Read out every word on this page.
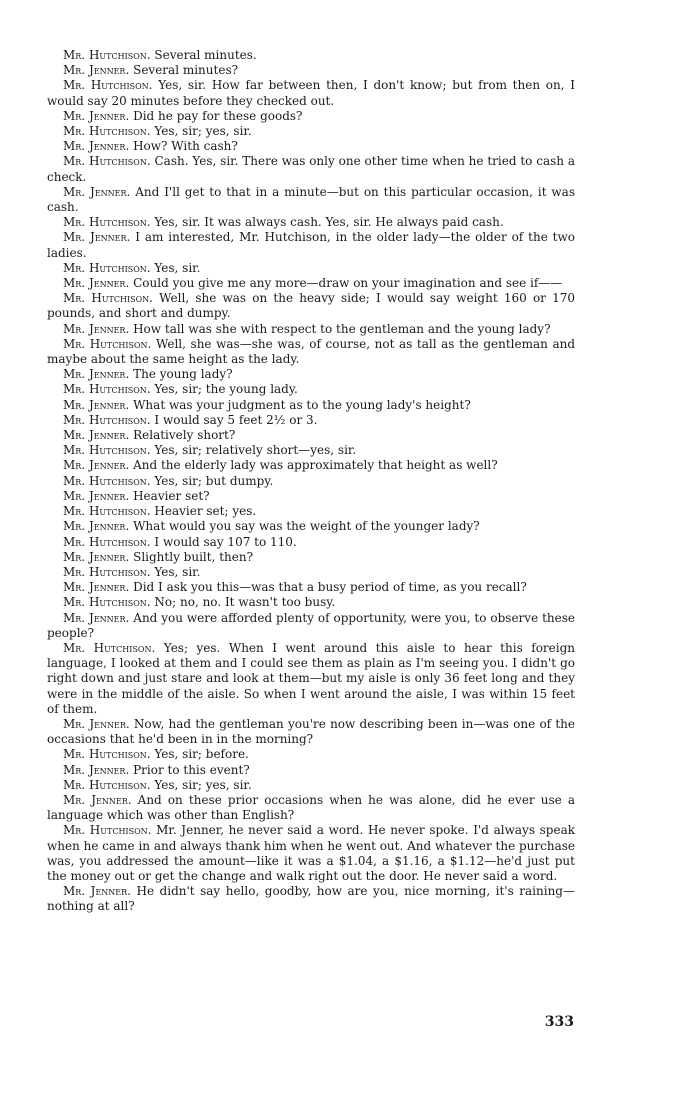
Mr. Hutchison. Several minutes.

Mr. Jenner. Several minutes?

Mr. Hutchison. Yes, sir. How far between then, I don't know; but from then on, I would say 20 minutes before they checked out.

Mr. Jenner. Did he pay for these goods?

Mr. Hutchison. Yes, sir; yes, sir.

Mr. Jenner. How? With cash?

Mr. Hutchison. Cash. Yes, sir. There was only one other time when he tried to cash a check.

Mr. Jenner. And I'll get to that in a minute—but on this particular occasion, it was cash.

Mr. Hutchison. Yes, sir. It was always cash. Yes, sir. He always paid cash.

Mr. Jenner. I am interested, Mr. Hutchison, in the older lady—the older of the two ladies.

Mr. Hutchison. Yes, sir.

Mr. Jenner. Could you give me any more—draw on your imagination and see if——

Mr. Hutchison. Well, she was on the heavy side; I would say weight 160 or 170 pounds, and short and dumpy.

Mr. Jenner. How tall was she with respect to the gentleman and the young lady?

Mr. Hutchison. Well, she was—she was, of course, not as tall as the gentleman and maybe about the same height as the lady.

Mr. Jenner. The young lady?

Mr. Hutchison. Yes, sir; the young lady.

Mr. Jenner. What was your judgment as to the young lady's height?

Mr. Hutchison. I would say 5 feet 2½ or 3.

Mr. Jenner. Relatively short?

Mr. Hutchison. Yes, sir; relatively short—yes, sir.

Mr. Jenner. And the elderly lady was approximately that height as well?

Mr. Hutchison. Yes, sir; but dumpy.

Mr. Jenner. Heavier set?

Mr. Hutchison. Heavier set; yes.

Mr. Jenner. What would you say was the weight of the younger lady?

Mr. Hutchison. I would say 107 to 110.

Mr. Jenner. Slightly built, then?

Mr. Hutchison. Yes, sir.

Mr. Jenner. Did I ask you this—was that a busy period of time, as you recall?

Mr. Hutchison. No; no, no. It wasn't too busy.

Mr. Jenner. And you were afforded plenty of opportunity, were you, to observe these people?

Mr. Hutchison. Yes; yes. When I went around this aisle to hear this foreign language, I looked at them and I could see them as plain as I'm seeing you. I didn't go right down and just stare and look at them—but my aisle is only 36 feet long and they were in the middle of the aisle. So when I went around the aisle, I was within 15 feet of them.

Mr. Jenner. Now, had the gentleman you're now describing been in—was one of the occasions that he'd been in in the morning?

Mr. Hutchison. Yes, sir; before.

Mr. Jenner. Prior to this event?

Mr. Hutchison. Yes, sir; yes, sir.

Mr. Jenner. And on these prior occasions when he was alone, did he ever use a language which was other than English?

Mr. Hutchison. Mr. Jenner, he never said a word. He never spoke. I'd always speak when he came in and always thank him when he went out. And whatever the purchase was, you addressed the amount—like it was a $1.04, a $1.16, a $1.12—he'd just put the money out or get the change and walk right out the door. He never said a word.

Mr. Jenner. He didn't say hello, goodby, how are you, nice morning, it's raining—nothing at all?

333
